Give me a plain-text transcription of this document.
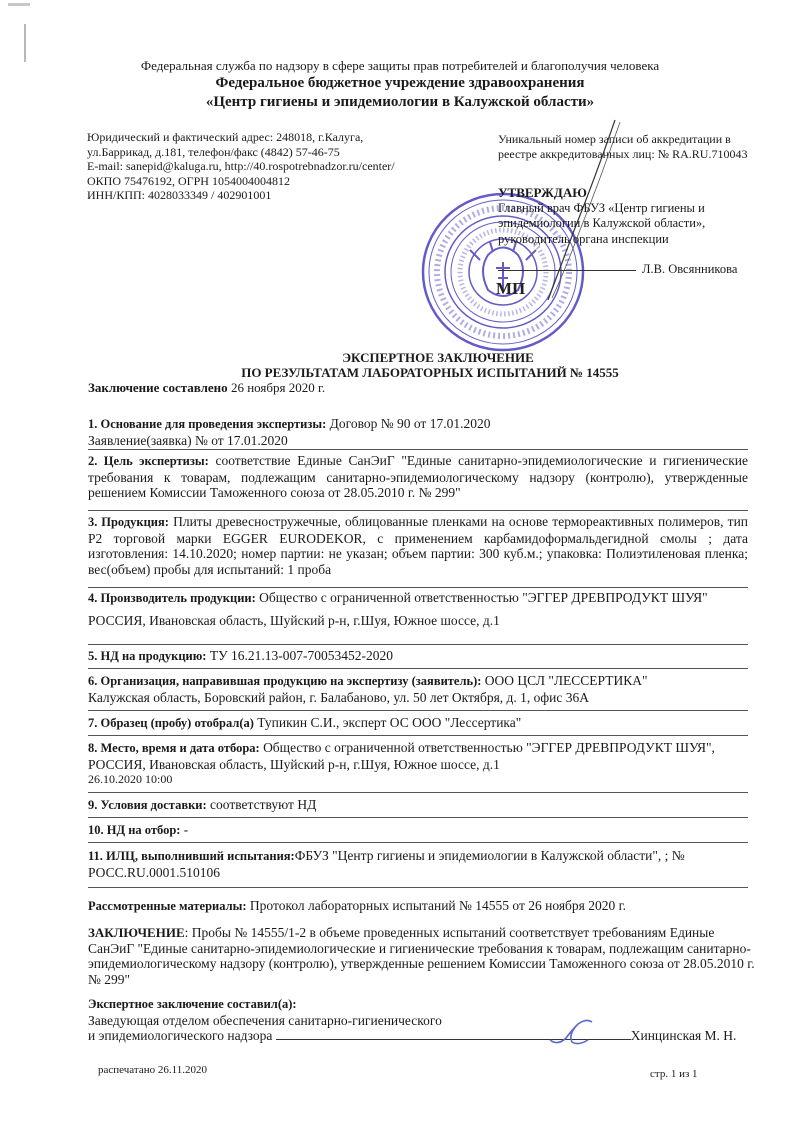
Федеральная служба по надзору в сфере защиты прав потребителей и благополучия человека
Федеральное бюджетное учреждение здравоохранения
«Центр гигиены и эпидемиологии в Калужской области»
Юридический и фактический адрес: 248018, г.Калуга,
ул.Баррикад, д.181, телефон/факс (4842) 57-46-75
E-mail: sanepid@kaluga.ru, http://40.rospotrebnadzor.ru/center/
ОКПО 75476192, ОГРН 1054004004812
ИНН/КПП: 4028033349 / 402901001
Уникальный номер записи об аккредитации в
реестре аккредитованных лиц: № RA.RU.710043
МП
УТВЕРЖДАЮ
Главный врач ФБУЗ «Центр гигиены и
эпидемиологии в Калужской области»,
руководитель органа инспекции
Л.В. Овсянникова
ЭКСПЕРТНОЕ ЗАКЛЮЧЕНИЕ
ПО РЕЗУЛЬТАТАМ ЛАБОРАТОРНЫХ ИСПЫТАНИЙ № 14555
Заключение составлено 26 ноября 2020 г.
1. Основание для проведения экспертизы: Договор № 90 от 17.01.2020
Заявление(заявка) № от 17.01.2020
2. Цель экспертизы: соответствие Единые СанЭиГ "Единые санитарно-эпидемиологические и гигиенические требования к товарам, подлежащим санитарно-эпидемиологическому надзору (контролю), утвержденные решением Комиссии Таможенного союза от 28.05.2010 г. № 299"
3. Продукция: Плиты древесностружечные, облицованные пленками на основе термореактивных полимеров, тип Р2 торговой марки EGGER EURODEKOR, с применением карбамидоформальдегидной смолы ; дата изготовления: 14.10.2020; номер партии: не указан; объем партии: 300 куб.м.; упаковка: Полиэтиленовая пленка; вес(объем) пробы для испытаний: 1 проба
4. Производитель продукции: Общество с ограниченной ответственностью "ЭГГЕР ДРЕВПРОДУКТ ШУЯ"
РОССИЯ, Ивановская область, Шуйский р-н, г.Шуя, Южное шоссе, д.1
5. НД на продукцию: ТУ 16.21.13-007-70053452-2020
6. Организация, направившая продукцию на экспертизу (заявитель): ООО ЦСЛ "ЛЕССЕРТИКА"
Калужская область, Боровский район, г. Балабаново, ул. 50 лет Октября, д. 1, офис 36А
7. Образец (пробу) отобрал(а) Тупикин С.И., эксперт ОС ООО "Лессертика"
8. Место, время и дата отбора: Общество с ограниченной ответственностью "ЭГГЕР ДРЕВПРОДУКТ ШУЯ", РОССИЯ, Ивановская область, Шуйский р-н, г.Шуя, Южное шоссе, д.1
26.10.2020 10:00
9. Условия доставки: соответствуют НД
10. НД на отбор: -
11. ИЛЦ, выполнивший испытания:ФБУЗ "Центр гигиены и эпидемиологии в Калужской области", ; № РОСС.RU.0001.510106
Рассмотренные материалы: Протокол лабораторных испытаний № 14555 от 26 ноября 2020 г.
ЗАКЛЮЧЕНИЕ: Пробы № 14555/1-2 в объеме проведенных испытаний соответствует требованиям Единые СанЭиГ "Единые санитарно-эпидемиологические и гигиенические требования к товарам, подлежащим санитарно-эпидемиологическому надзору (контролю), утвержденные решением Комиссии Таможенного союза от 28.05.2010 г. № 299"
Экспертное заключение составил(а):
Заведующая отделом обеспечения санитарно-гигиенического
и эпидемиологического надзора	Хинцинская М. Н.
распечатано 26.11.2020	стр. 1 из 1
